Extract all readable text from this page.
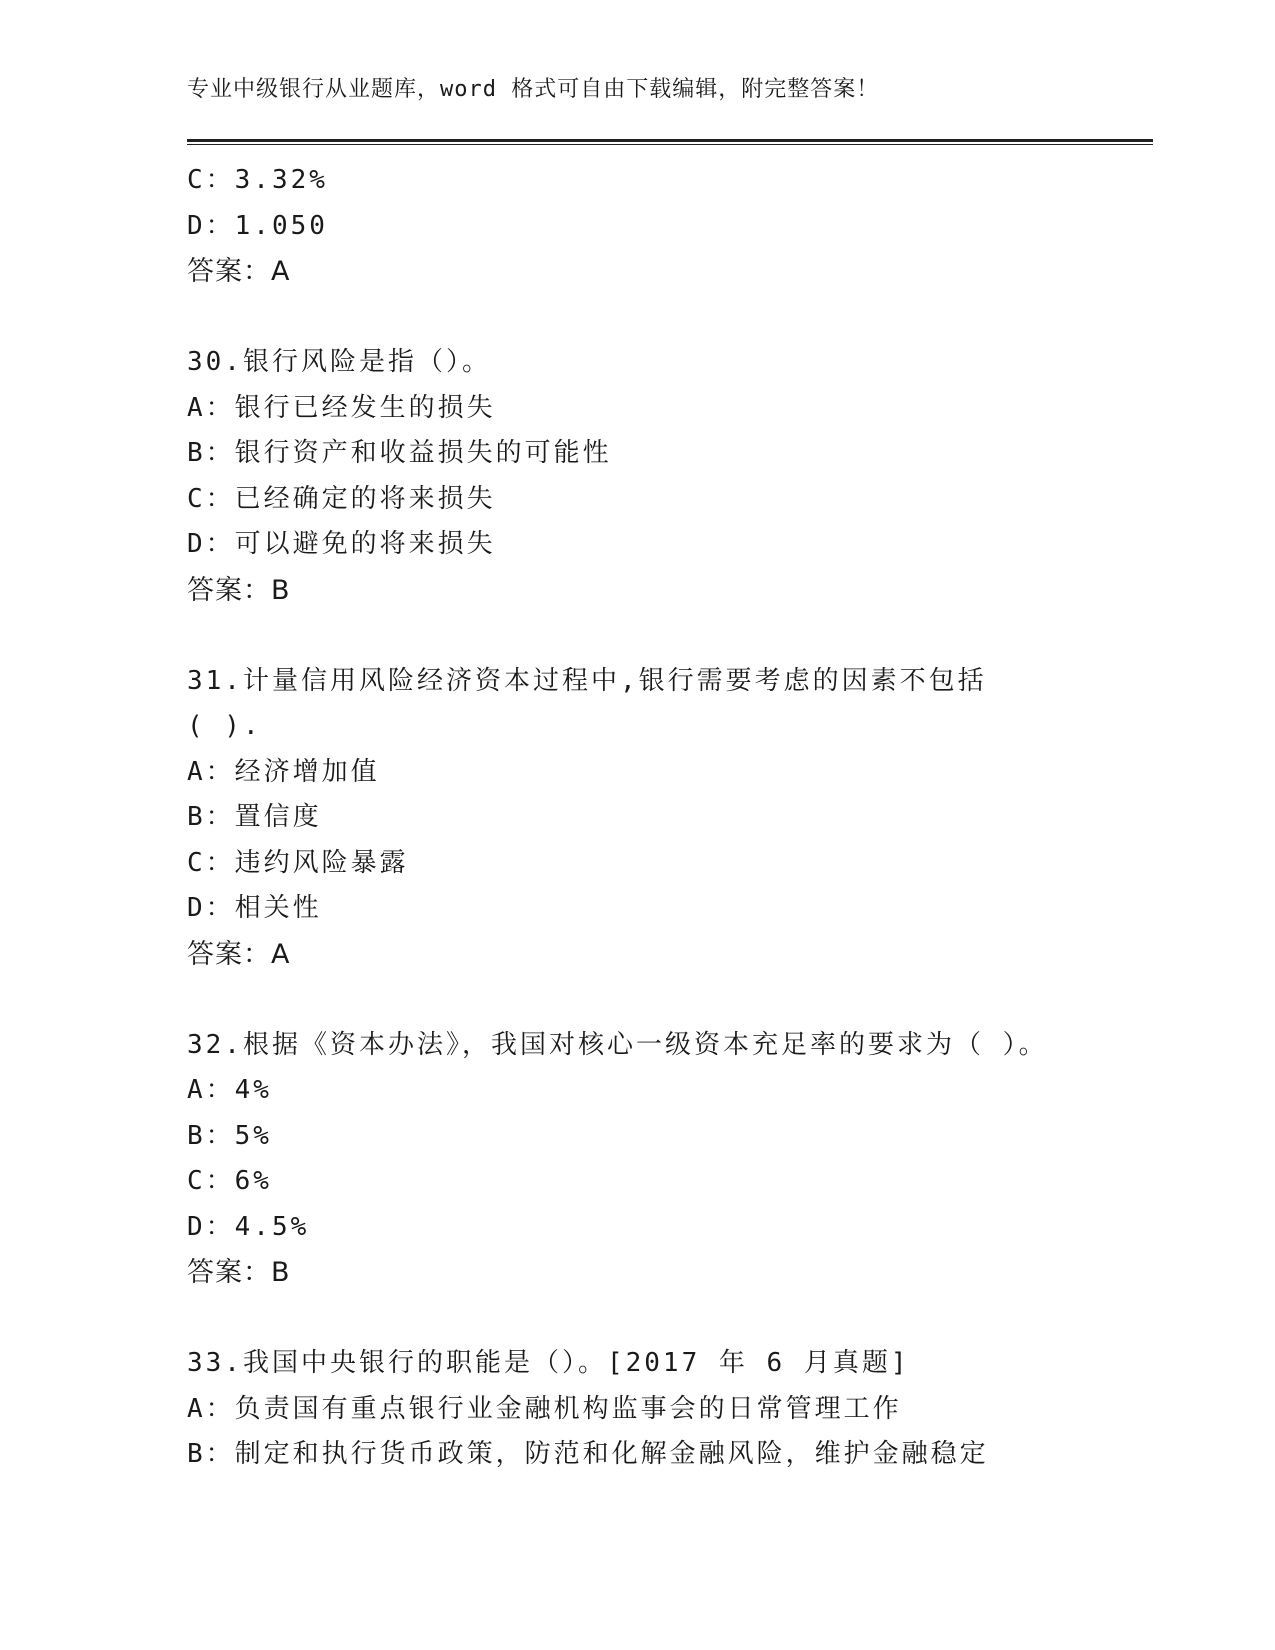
专业中级银行从业题库，word 格式可自由下载编辑，附完整答案！
C：3.32%
D：1.050
答案：A
30.银行风险是指（）。
A：银行已经发生的损失
B：银行资产和收益损失的可能性
C：已经确定的将来损失
D：可以避免的将来损失
答案：B
31.计量信用风险经济资本过程中,银行需要考虑的因素不包括
( ).
A：经济增加值
B：置信度
C：违约风险暴露
D：相关性
答案：A
32.根据《资本办法》，我国对核心一级资本充足率的要求为（ ）。
A：4%
B：5%
C：6%
D：4.5%
答案：B
33.我国中央银行的职能是（）。[2017 年 6 月真题]
A：负责国有重点银行业金融机构监事会的日常管理工作
B：制定和执行货币政策，防范和化解金融风险，维护金融稳定
